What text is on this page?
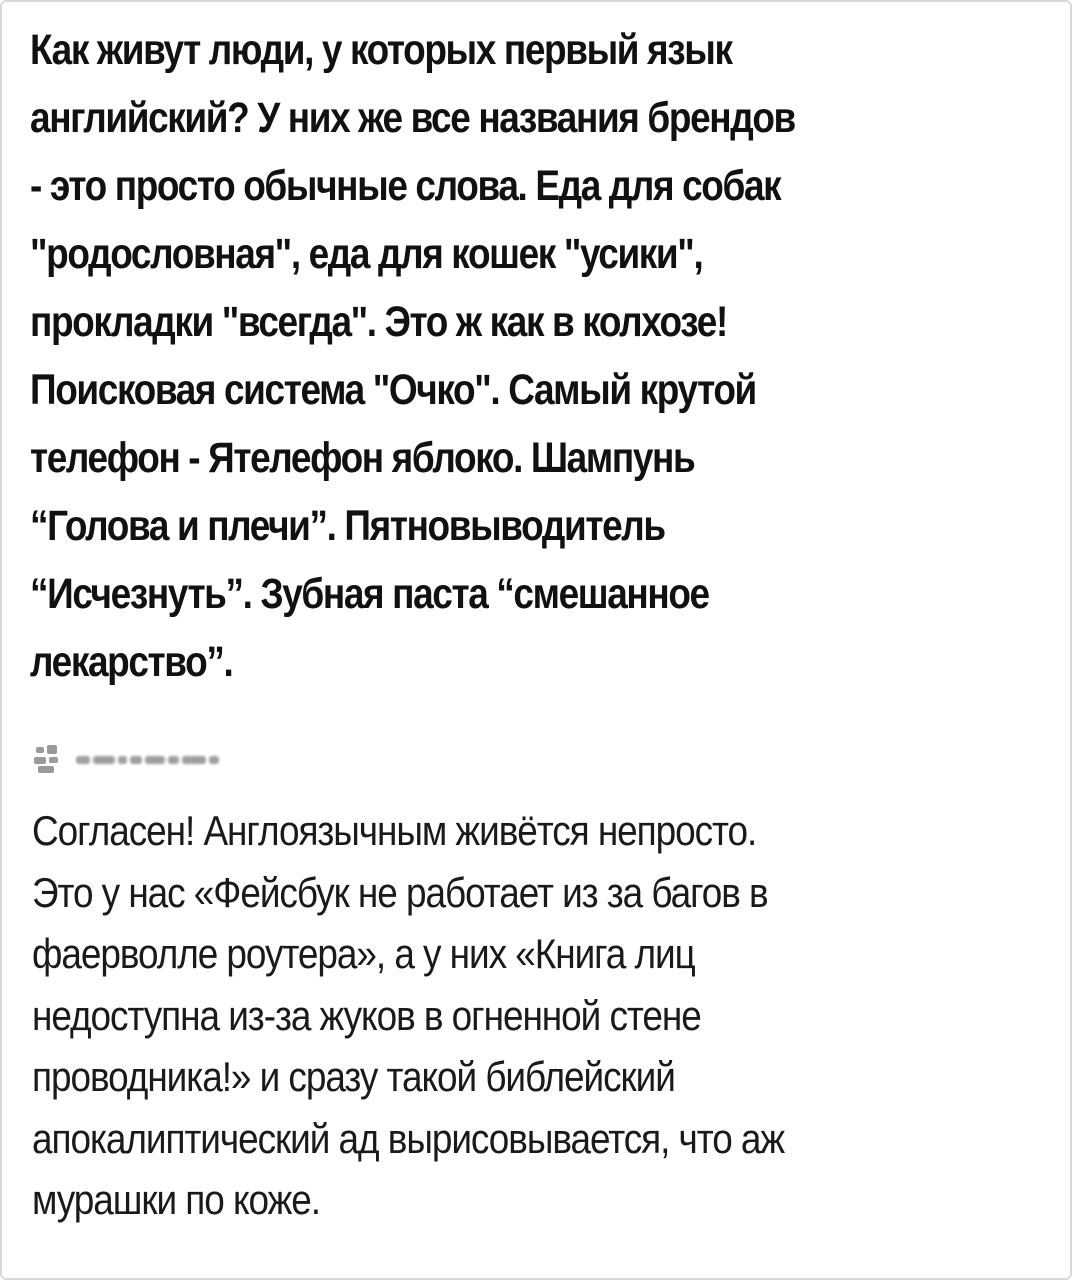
Как живут люди, у которых первый язык
английский? У них же все названия брендов
- это просто обычные слова. Еда для собак
"родословная", еда для кошек "усики",
прокладки "всегда". Это ж как в колхозе!
Поисковая система "Очко". Самый крутой
телефон - Ятелефон яблоко. Шампунь
“Голова и плечи”. Пятновыводитель
“Исчезнуть”. Зубная паста “смешанное
лекарство”.
Согласен! Англоязычным живётся непросто.
Это у нас «Фейсбук не работает из за багов в
фаерволле роутера», а у них «Книга лиц
недоступна из-за жуков в огненной стене
проводника!» и сразу такой библейский
апокалиптический ад вырисовывается, что аж
мурашки по коже.
